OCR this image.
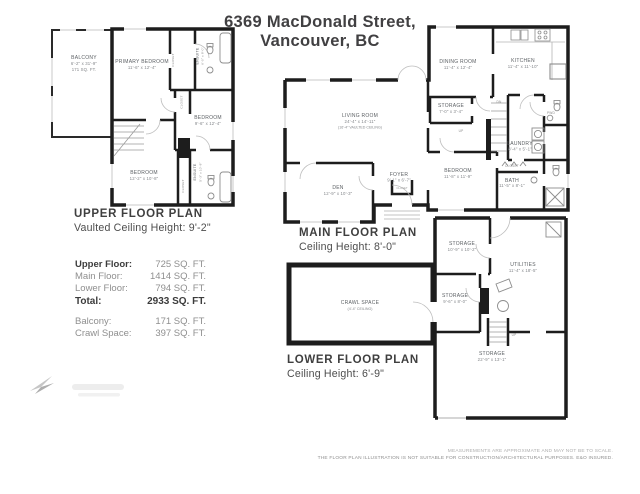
6369 MacDonald Street,
Vancouver, BC
BALCONY
6'-2" x 31'-9"
171 SQ. FT.
PRIMARY BEDROOM
11'-6" x 12'-4"
ENSUITE 6'-0" x 8'-0"
BEDROOM
9'-6" x 12'-4"
BEDROOM
12'-2" x 10'-8"	ENSUITE 5'-3" x 10'-8"
CLOSET
CLOSET
CLOSET
UPPER FLOOR PLAN
Vaulted Ceiling Height: 9'-2"
LIVING ROOM
24'-4" x 14'-11"
(16'-4" VAULTED CEILING)
DINING ROOM
11'-4" x 12'-4"
KITCHEN
11'-4" x 11'-10"
STORAGE
7'-0" x 3'-4"
LAUNDRY
8'-4" x 5'-1"
PWD
BEDROOM
11'-8" x 11'-9"
CLOSET
BATH
11'-5" x 8'-1"
DEN
12'-9" x 10'-3"
FOYER
9'-1" x 6'-7"
CLOSET
DN
UP
MAIN FLOOR PLAN
Ceiling Height: 8'-0"
CRAWL SPACE
(4'-4" CEILING)
STORAGE
10'-9" x 10'-2"
UTILITIES
11'-4" x 18'-5"
STORAGE
9'-6" x 8'-0"
STORAGE
22'-9" x 13'-1"
UP
LOWER FLOOR PLAN
Ceiling Height: 6'-9"
Upper Floor: 725 SQ. FT.
Main Floor:	1414 SQ. FT.
Lower Floor:	794 SQ. FT.
Total:	2933 SQ. FT.
Balcony:	171 SQ. FT.
Crawl Space:	397 SQ. FT.
MEASUREMENTS ARE APPROXIMATE AND MAY NOT BE TO SCALE.
THE FLOOR PLAN ILLUSTRATION IS NOT SUITABLE FOR CONSTRUCTION/ARCHITECTURAL PURPOSES. E&O INSURED.
